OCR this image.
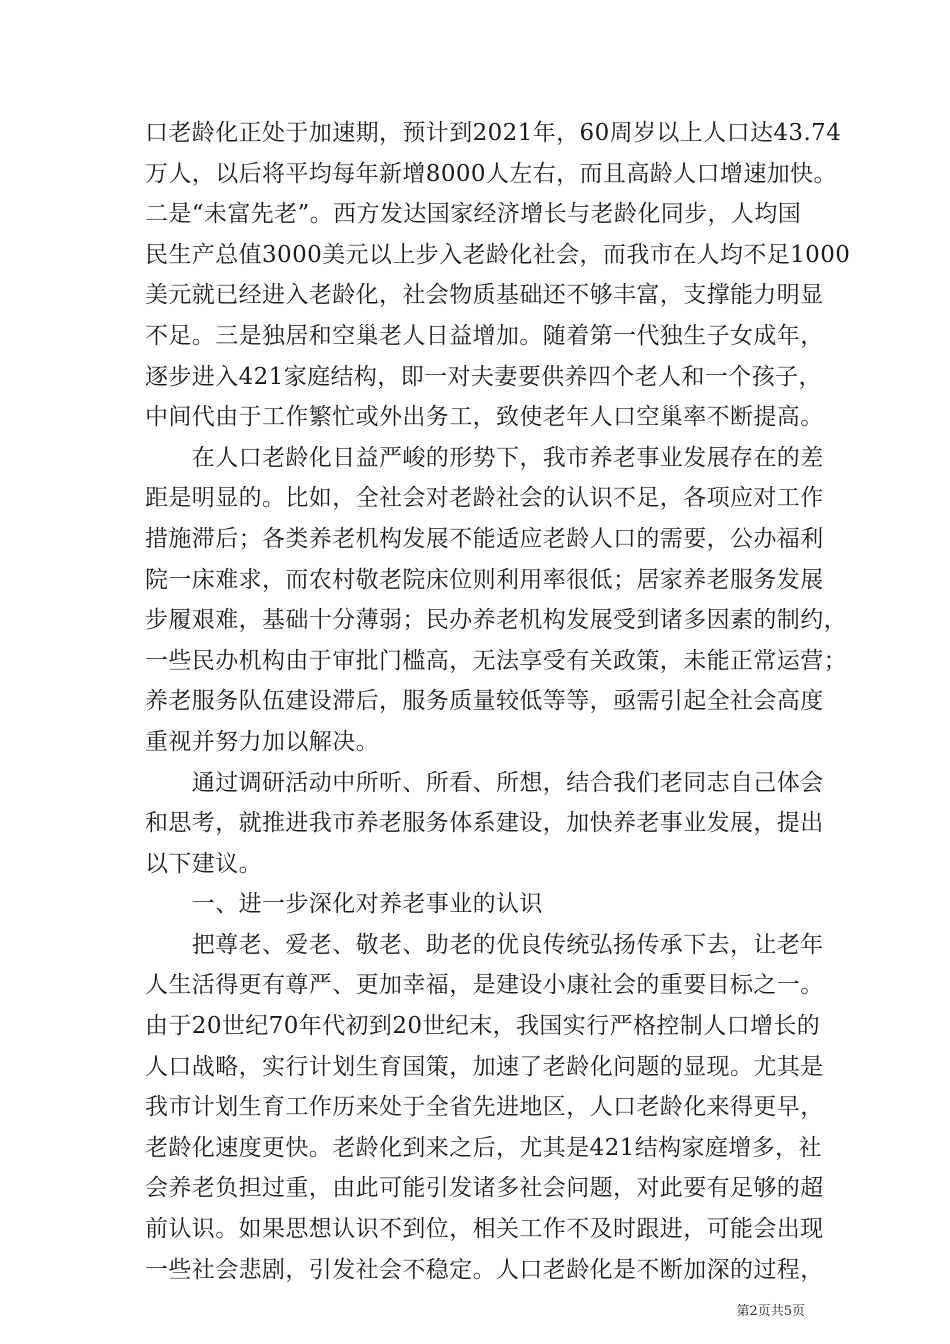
口老龄化正处于加速期，预计到2021年，60周岁以上人口达43.74
万人，以后将平均每年新增8000人左右，而且高龄人口增速加快。
二是“未富先老”。西方发达国家经济增长与老龄化同步，人均国
民生产总值3000美元以上步入老龄化社会，而我市在人均不足1000
美元就已经进入老龄化，社会物质基础还不够丰富，支撑能力明显
不足。三是独居和空巢老人日益增加。随着第一代独生子女成年，
逐步进入421家庭结构，即一对夫妻要供养四个老人和一个孩子，
中间代由于工作繁忙或外出务工，致使老年人口空巢率不断提高。
　　在人口老龄化日益严峻的形势下，我市养老事业发展存在的差
距是明显的。比如，全社会对老龄社会的认识不足，各项应对工作
措施滞后；各类养老机构发展不能适应老龄人口的需要，公办福利
院一床难求，而农村敬老院床位则利用率很低；居家养老服务发展
步履艰难，基础十分薄弱；民办养老机构发展受到诸多因素的制约，
一些民办机构由于审批门槛高，无法享受有关政策，未能正常运营；
养老服务队伍建设滞后，服务质量较低等等，亟需引起全社会高度
重视并努力加以解决。
　　通过调研活动中所听、所看、所想，结合我们老同志自己体会
和思考，就推进我市养老服务体系建设，加快养老事业发展，提出
以下建议。
　　一、进一步深化对养老事业的认识
　　把尊老、爱老、敬老、助老的优良传统弘扬传承下去，让老年
人生活得更有尊严、更加幸福，是建设小康社会的重要目标之一。
由于20世纪70年代初到20世纪末，我国实行严格控制人口增长的
人口战略，实行计划生育国策，加速了老龄化问题的显现。尤其是
我市计划生育工作历来处于全省先进地区，人口老龄化来得更早，
老龄化速度更快。老龄化到来之后，尤其是421结构家庭增多，社
会养老负担过重，由此可能引发诸多社会问题，对此要有足够的超
前认识。如果思想认识不到位，相关工作不及时跟进，可能会出现
一些社会悲剧，引发社会不稳定。人口老龄化是不断加深的过程，
第2页共5页
